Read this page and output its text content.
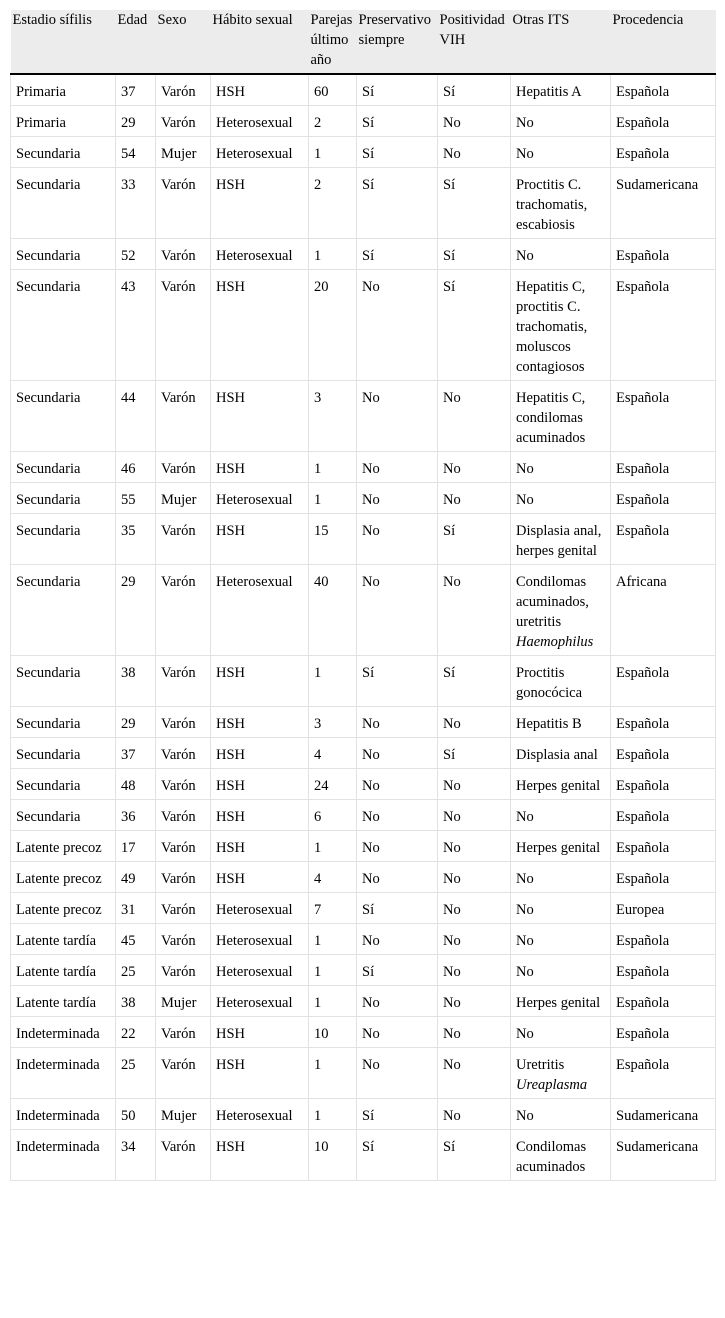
Estadio sífilis	Edad	Sexo	Hábito sexual	Parejas último año	Preservativo siempre	Positividad VIH	Otras ITS	Procedencia
Primaria	37	Varón	HSH	60	Sí	Sí	Hepatitis A	Española
Primaria	29	Varón	Heterosexual	2	Sí	No	No	Española
Secundaria	54	Mujer	Heterosexual	1	Sí	No	No	Española
Secundaria	33	Varón	HSH	2	Sí	Sí	Proctitis C. trachomatis, escabiosis	Sudamericana
Secundaria	52	Varón	Heterosexual	1	Sí	Sí	No	Española
Secundaria	43	Varón	HSH	20	No	Sí	Hepatitis C, proctitis C. trachomatis, moluscos contagiosos	Española
Secundaria	44	Varón	HSH	3	No	No	Hepatitis C, condilomas acuminados	Española
Secundaria	46	Varón	HSH	1	No	No	No	Española
Secundaria	55	Mujer	Heterosexual	1	No	No	No	Española
Secundaria	35	Varón	HSH	15	No	Sí	Displasia anal, herpes genital	Española
Secundaria	29	Varón	Heterosexual	40	No	No	Condilomas acuminados, uretritis Haemophilus	Africana
Secundaria	38	Varón	HSH	1	Sí	Sí	Proctitis gonocócica	Española
Secundaria	29	Varón	HSH	3	No	No	Hepatitis B	Española
Secundaria	37	Varón	HSH	4	No	Sí	Displasia anal	Española
Secundaria	48	Varón	HSH	24	No	No	Herpes genital	Española
Secundaria	36	Varón	HSH	6	No	No	No	Española
Latente precoz	17	Varón	HSH	1	No	No	Herpes genital	Española
Latente precoz	49	Varón	HSH	4	No	No	No	Española
Latente precoz	31	Varón	Heterosexual	7	Sí	No	No	Europea
Latente tardía	45	Varón	Heterosexual	1	No	No	No	Española
Latente tardía	25	Varón	Heterosexual	1	Sí	No	No	Española
Latente tardía	38	Mujer	Heterosexual	1	No	No	Herpes genital	Española
Indeterminada	22	Varón	HSH	10	No	No	No	Española
Indeterminada	25	Varón	HSH	1	No	No	Uretritis Ureaplasma	Española
Indeterminada	50	Mujer	Heterosexual	1	Sí	No	No	Sudamericana
Indeterminada	34	Varón	HSH	10	Sí	Sí	Condilomas acuminados	Sudamericana
